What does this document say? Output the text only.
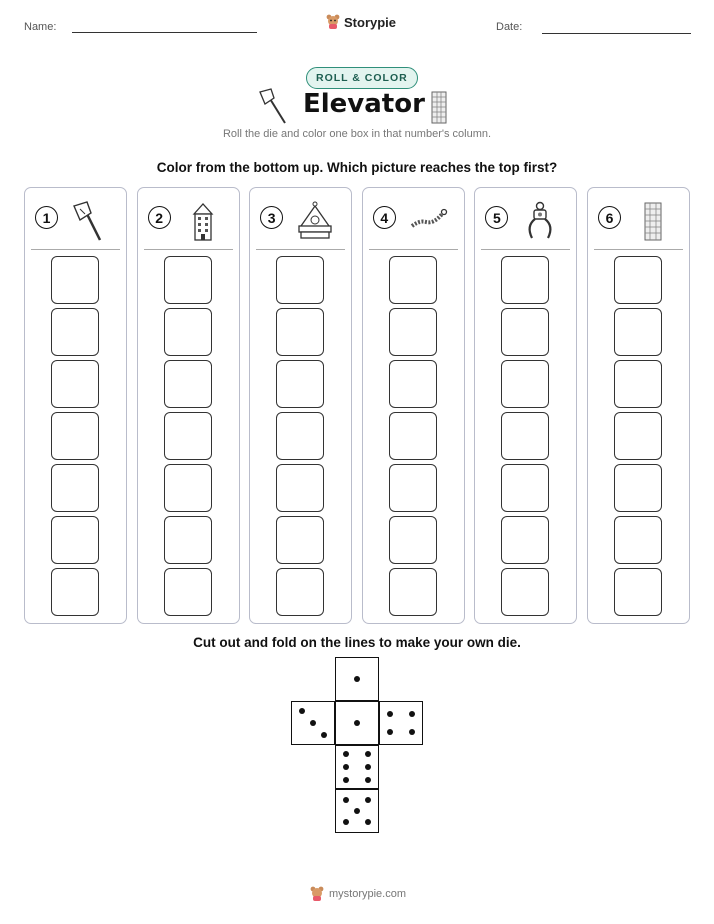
Name:	Storypie	Date:
ROLL & COLOR
Elevator
Roll the die and color one box in that number's column.
Color from the bottom up. Which picture reaches the top first?
1	2	3	4	5	6
Cut out and fold on the lines to make your own die.
mystorypie.com
